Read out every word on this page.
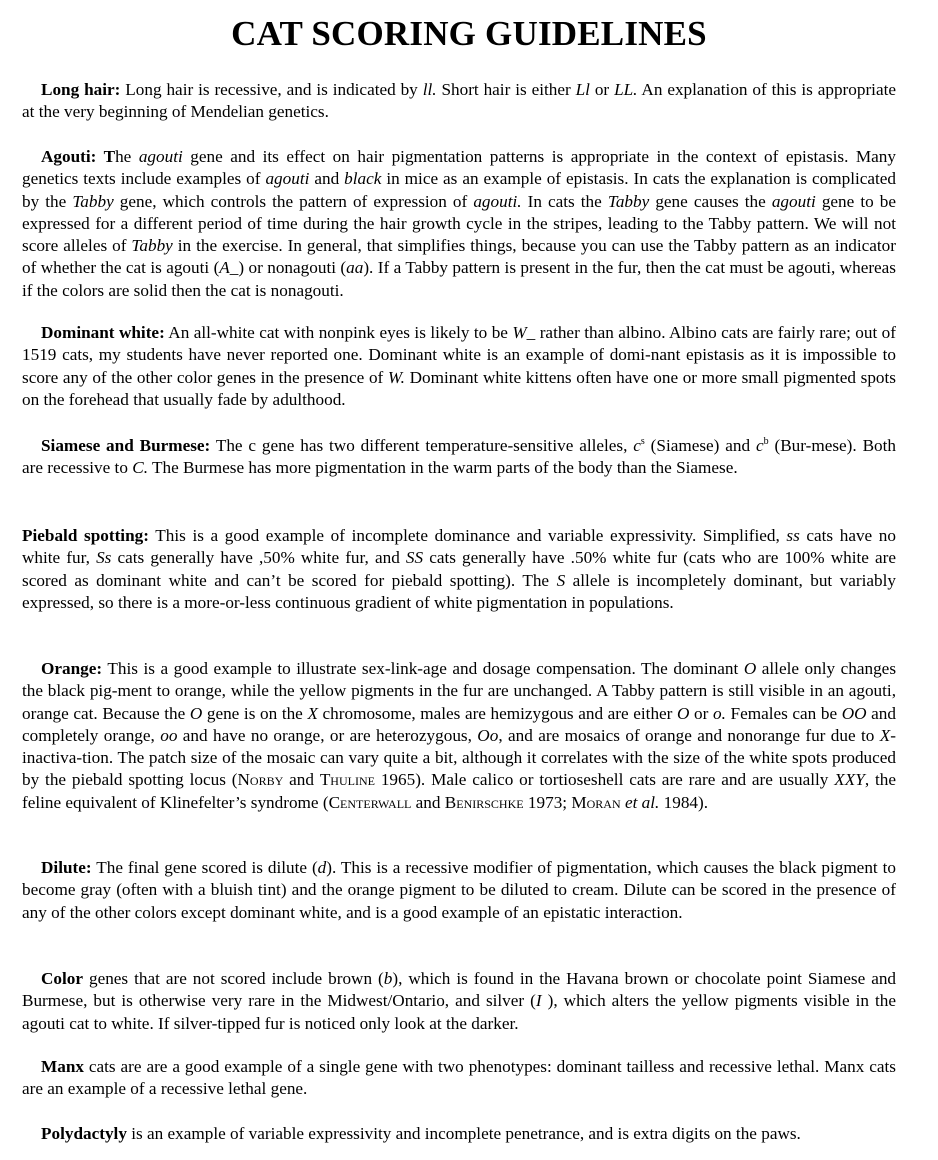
CAT SCORING GUIDELINES

Long hair: Long hair is recessive, and is indicated by ll. Short hair is either Ll or LL. An explanation of this is appropriate at the very beginning of Mendelian genetics.

Agouti: The agouti gene and its effect on hair pigmentation patterns is appropriate in the context of epistasis. Many genetics texts include examples of agouti and black in mice as an example of epistasis. In cats the explanation is complicated by the Tabby gene, which controls the pattern of expression of agouti. In cats the Tabby gene causes the agouti gene to be expressed for a different period of time during the hair growth cycle in the stripes, leading to the Tabby pattern. We will not score alleles of Tabby in the exercise. In general, that simplifies things, because you can use the Tabby pattern as an indicator of whether the cat is agouti (A_) or nonagouti (aa). If a Tabby pattern is present in the fur, then the cat must be agouti, whereas if the colors are solid then the cat is nonagouti.

Dominant white: An all-white cat with nonpink eyes is likely to be W_ rather than albino. Albino cats are fairly rare; out of 1519 cats, my students have never reported one. Dominant white is an example of domi-nant epistasis as it is impossible to score any of the other color genes in the presence of W. Dominant white kittens often have one or more small pigmented spots on the forehead that usually fade by adulthood.

Siamese and Burmese: The c gene has two different temperature-sensitive alleles, $c^s$ (Siamese) and $c^b$ (Bur-mese). Both are recessive to C. The Burmese has more pigmentation in the warm parts of the body than the Siamese.

Piebald spotting: This is a good example of incomplete dominance and variable expressivity. Simplified, ss cats have no white fur, Ss cats generally have ,50% white fur, and SS cats generally have .50% white fur (cats who are 100% white are scored as dominant white and can’t be scored for piebald spotting). The S allele is incompletely dominant, but variably expressed, so there is a more-or-less continuous gradient of white pigmentation in populations.

Orange: This is a good example to illustrate sex-link-age and dosage compensation. The dominant O allele only changes the black pig-ment to orange, while the yellow pigments in the fur are unchanged. A Tabby pattern is still visible in an agouti, orange cat. Because the O gene is on the X chromosome, males are hemizygous and are either O or o. Females can be OO and completely orange, oo and have no orange, or are heterozygous, Oo, and are mosaics of orange and nonorange fur due to X-inactiva-tion. The patch size of the mosaic can vary quite a bit, although it correlates with the size of the white spots produced by the piebald spotting locus (Norby and Thuline 1965). Male calico or tortioseshell cats are rare and are usually XXY, the feline equivalent of Klinefelter’s syndrome (Centerwall and Benirschke 1973; Moran et al. 1984).

Dilute: The final gene scored is dilute (d). This is a recessive modifier of pigmentation, which causes the black pigment to become gray (often with a bluish tint) and the orange pigment to be diluted to cream. Dilute can be scored in the presence of any of the other colors except dominant white, and is a good example of an epistatic interaction.

Color genes that are not scored include brown (b), which is found in the Havana brown or chocolate point Siamese and Burmese, but is otherwise very rare in the Midwest/Ontario, and silver (I ), which alters the yellow pigments visible in the agouti cat to white. If silver-tipped fur is noticed only look at the darker.

Manx cats are are a good example of a single gene with two phenotypes: dominant tailless and recessive lethal. Manx cats are an example of a recessive lethal gene.

Polydactyly is an example of variable expressivity and incomplete penetrance, and is extra digits on the paws.
